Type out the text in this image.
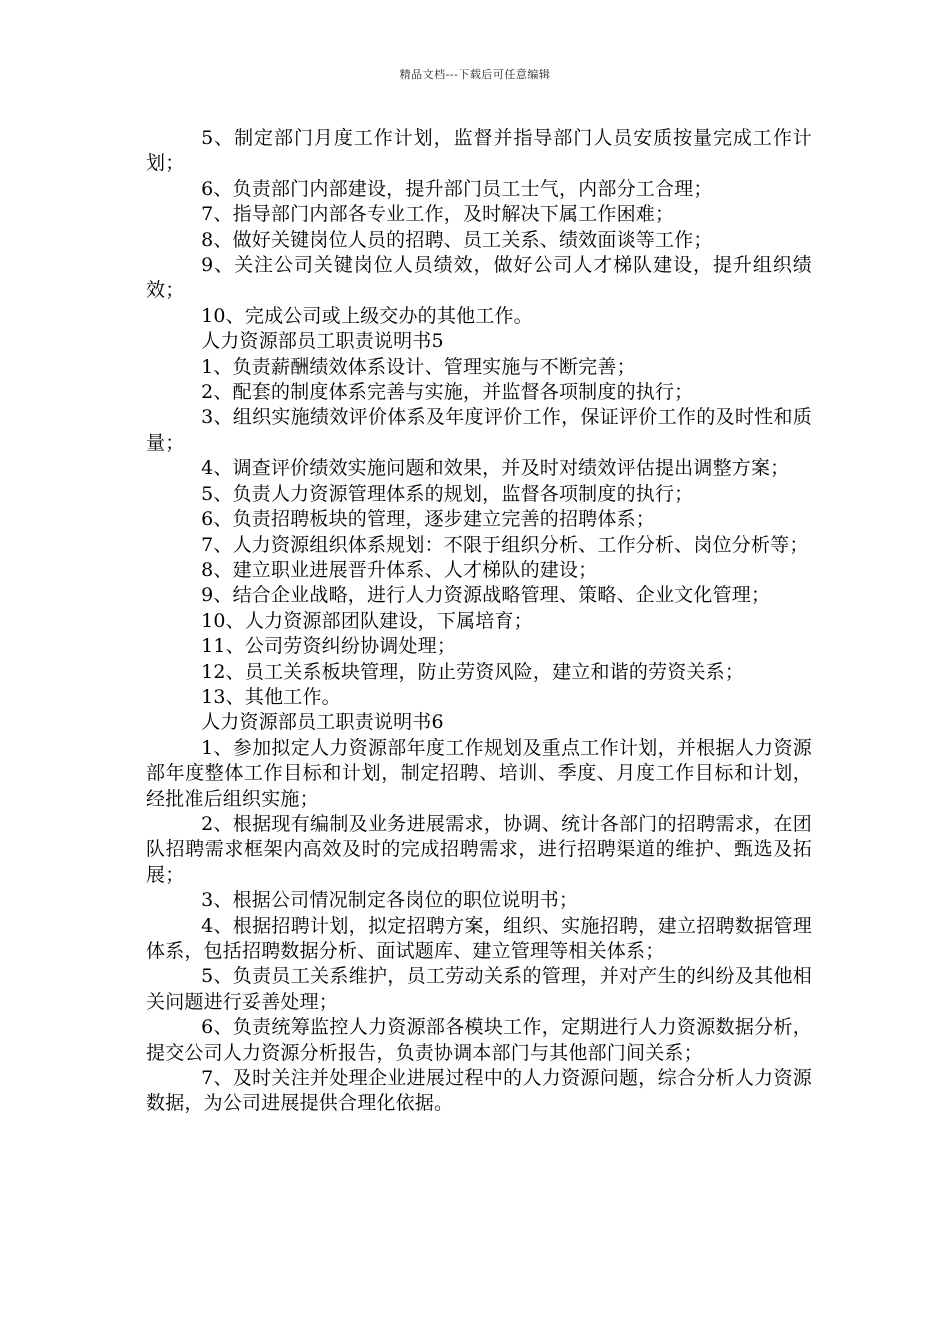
精品文档---下载后可任意编辑

5、制定部门月度工作计划，监督并指导部门人员安质按量完成工作计划；

6、负责部门内部建设，提升部门员工士气，内部分工合理；

7、指导部门内部各专业工作，及时解决下属工作困难；

8、做好关键岗位人员的招聘、员工关系、绩效面谈等工作；

9、关注公司关键岗位人员绩效，做好公司人才梯队建设，提升组织绩效；

10、完成公司或上级交办的其他工作。

人力资源部员工职责说明书5

1、负责薪酬绩效体系设计、管理实施与不断完善；

2、配套的制度体系完善与实施，并监督各项制度的执行；

3、组织实施绩效评价体系及年度评价工作，保证评价工作的及时性和质量；

4、调查评价绩效实施问题和效果，并及时对绩效评估提出调整方案；

5、负责人力资源管理体系的规划，监督各项制度的执行；

6、负责招聘板块的管理，逐步建立完善的招聘体系；

7、人力资源组织体系规划：不限于组织分析、工作分析、岗位分析等；

8、建立职业进展晋升体系、人才梯队的建设；

9、结合企业战略，进行人力资源战略管理、策略、企业文化管理；

10、人力资源部团队建设，下属培育；

11、公司劳资纠纷协调处理；

12、员工关系板块管理，防止劳资风险，建立和谐的劳资关系；

13、其他工作。

人力资源部员工职责说明书6

1、参加拟定人力资源部年度工作规划及重点工作计划，并根据人力资源部年度整体工作目标和计划，制定招聘、培训、季度、月度工作目标和计划，经批准后组织实施；

2、根据现有编制及业务进展需求，协调、统计各部门的招聘需求，在团队招聘需求框架内高效及时的完成招聘需求，进行招聘渠道的维护、甄选及拓展；

3、根据公司情况制定各岗位的职位说明书；

4、根据招聘计划，拟定招聘方案，组织、实施招聘，建立招聘数据管理体系，包括招聘数据分析、面试题库、建立管理等相关体系；

5、负责员工关系维护，员工劳动关系的管理，并对产生的纠纷及其他相关问题进行妥善处理；

6、负责统筹监控人力资源部各模块工作，定期进行人力资源数据分析，提交公司人力资源分析报告，负责协调本部门与其他部门间关系；

7、及时关注并处理企业进展过程中的人力资源问题，综合分析人力资源数据，为公司进展提供合理化依据。
